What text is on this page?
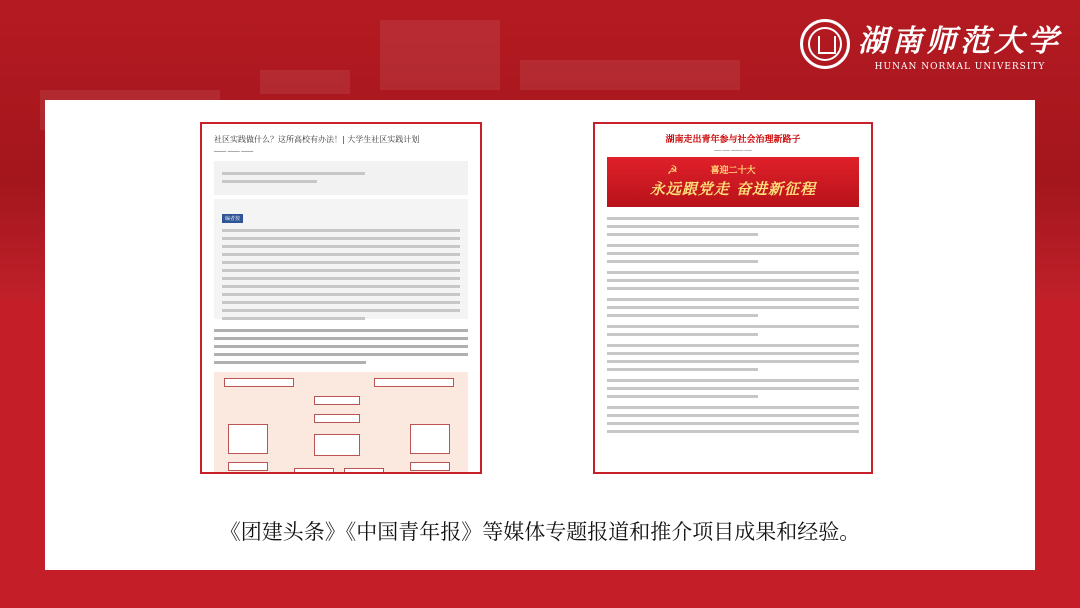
湖南师范大学
HUNAN NORMAL UNIVERSITY
社区实践做什么？这所高校有办法！| 大学生社区实践计划
━━━━ ━━━━ ━━━━
编者按
湖南走出青年参与社会治理新路子
━━━ ━━━ ━━━━━ ━━━
☭	喜迎二十大
永远跟党走 奋进新征程
《团建头条》《中国青年报》等媒体专题报道和推介项目成果和经验。
